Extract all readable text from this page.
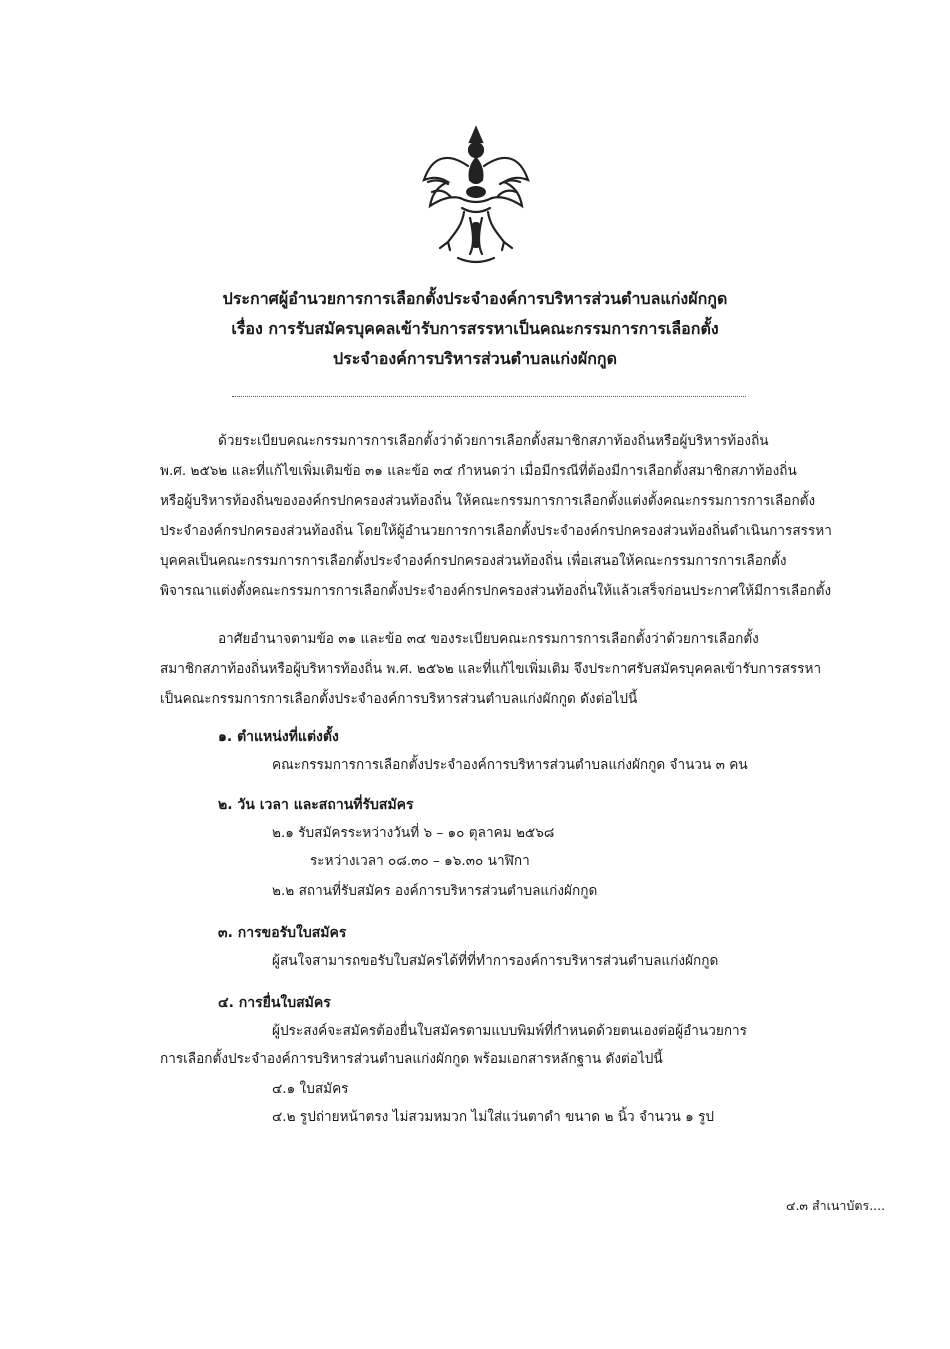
ประกาศผู้อำนวยการการเลือกตั้งประจำองค์การบริหารส่วนตำบลแก่งผักกูด
เรื่อง การรับสมัครบุคคลเข้ารับการสรรหาเป็นคณะกรรมการการเลือกตั้ง
ประจำองค์การบริหารส่วนตำบลแก่งผักกูด
ด้วยระเบียบคณะกรรมการการเลือกตั้งว่าด้วยการเลือกตั้งสมาชิกสภาท้องถิ่นหรือผู้บริหารท้องถิ่น
พ.ศ. ๒๕๖๒ และที่แก้ไขเพิ่มเติมข้อ ๓๑ และข้อ ๓๔ กำหนดว่า เมื่อมีกรณีที่ต้องมีการเลือกตั้งสมาชิกสภาท้องถิ่น
หรือผู้บริหารท้องถิ่นขององค์กรปกครองส่วนท้องถิ่น ให้คณะกรรมการการเลือกตั้งแต่งตั้งคณะกรรมการการเลือกตั้ง
ประจำองค์กรปกครองส่วนท้องถิ่น โดยให้ผู้อำนวยการการเลือกตั้งประจำองค์กรปกครองส่วนท้องถิ่นดำเนินการสรรหา
บุคคลเป็นคณะกรรมการการเลือกตั้งประจำองค์กรปกครองส่วนท้องถิ่น เพื่อเสนอให้คณะกรรมการการเลือกตั้ง
พิจารณาแต่งตั้งคณะกรรมการการเลือกตั้งประจำองค์กรปกครองส่วนท้องถิ่นให้แล้วเสร็จก่อนประกาศให้มีการเลือกตั้ง
อาศัยอำนาจตามข้อ ๓๑ และข้อ ๓๔ ของระเบียบคณะกรรมการการเลือกตั้งว่าด้วยการเลือกตั้ง
สมาชิกสภาท้องถิ่นหรือผู้บริหารท้องถิ่น พ.ศ. ๒๕๖๒ และที่แก้ไขเพิ่มเติม จึงประกาศรับสมัครบุคคลเข้ารับการสรรหา
เป็นคณะกรรมการการเลือกตั้งประจำองค์การบริหารส่วนตำบลแก่งผักกูด ดังต่อไปนี้
๑. ตำแหน่งที่แต่งตั้ง
คณะกรรมการการเลือกตั้งประจำองค์การบริหารส่วนตำบลแก่งผักกูด จำนวน ๓ คน
๒. วัน เวลา และสถานที่รับสมัคร
๒.๑ รับสมัครระหว่างวันที่ ๖ – ๑๐ ตุลาคม ๒๕๖๘
ระหว่างเวลา ๐๘.๓๐ – ๑๖.๓๐ นาฬิกา
๒.๒ สถานที่รับสมัคร องค์การบริหารส่วนตำบลแก่งผักกูด
๓. การขอรับใบสมัคร
ผู้สนใจสามารถขอรับใบสมัครได้ที่ที่ทำการองค์การบริหารส่วนตำบลแก่งผักกูด
๔. การยื่นใบสมัคร
ผู้ประสงค์จะสมัครต้องยื่นใบสมัครตามแบบพิมพ์ที่กำหนดด้วยตนเองต่อผู้อำนวยการ
การเลือกตั้งประจำองค์การบริหารส่วนตำบลแก่งผักกูด พร้อมเอกสารหลักฐาน ดังต่อไปนี้
๔.๑ ใบสมัคร
๔.๒ รูปถ่ายหน้าตรง ไม่สวมหมวก ไม่ใส่แว่นตาดำ ขนาด ๒ นิ้ว จำนวน ๑ รูป
๔.๓ สำเนาบัตร....
